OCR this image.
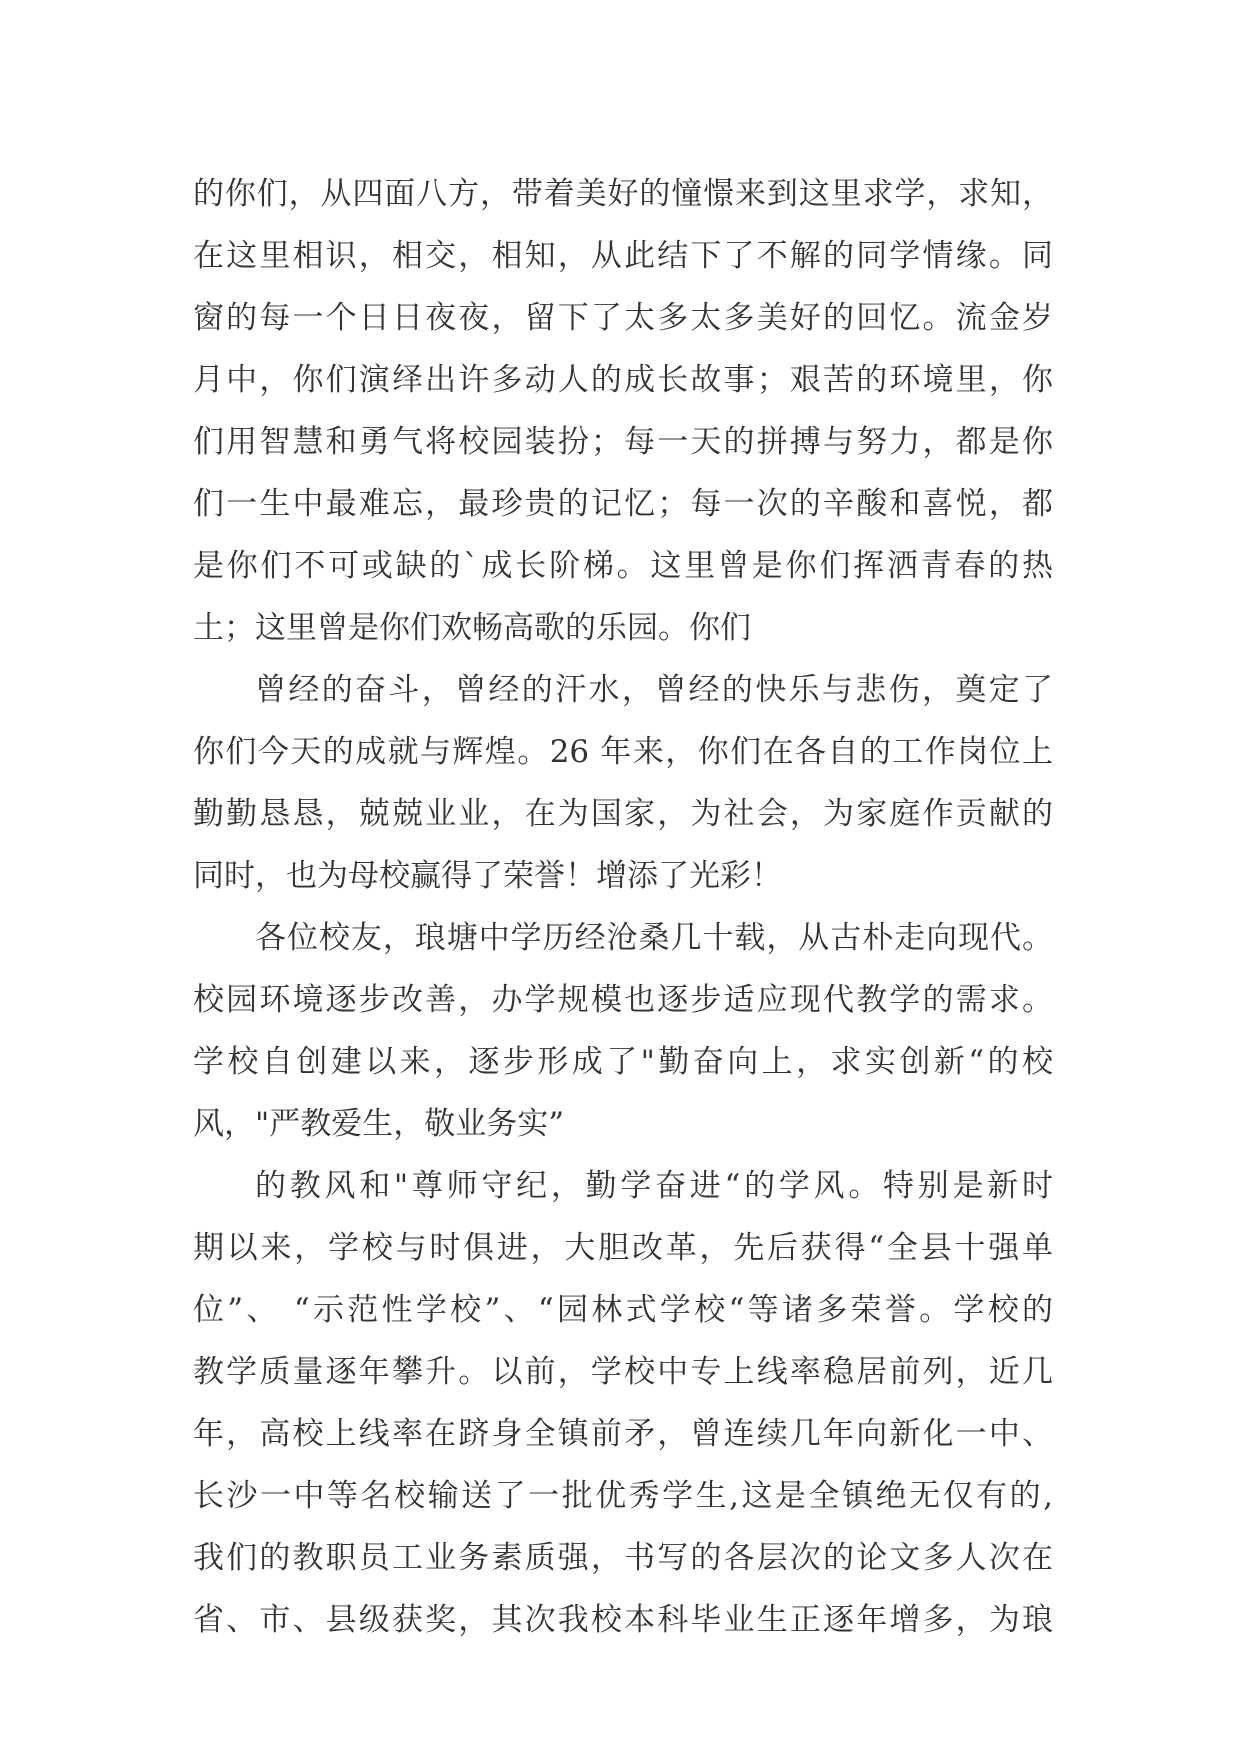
的你们，从四面八方，带着美好的憧憬来到这里求学，求知，
在这里相识，相交，相知，从此结下了不解的同学情缘。同
窗的每一个日日夜夜，留下了太多太多美好的回忆。流金岁
月中，你们演绎出许多动人的成长故事；艰苦的环境里，你
们用智慧和勇气将校园装扮；每一天的拼搏与努力，都是你
们一生中最难忘，最珍贵的记忆；每一次的辛酸和喜悦，都
是你们不可或缺的`成长阶梯。这里曾是你们挥洒青春的热
土；这里曾是你们欢畅高歌的乐园。你们
曾经的奋斗，曾经的汗水，曾经的快乐与悲伤，奠定了
你们今天的成就与辉煌。26 年来，你们在各自的工作岗位上
勤勤恳恳，兢兢业业，在为国家，为社会，为家庭作贡献的
同时，也为母校赢得了荣誉！增添了光彩！
各位校友，琅塘中学历经沧桑几十载，从古朴走向现代。
校园环境逐步改善，办学规模也逐步适应现代教学的需求。
学校自创建以来，逐步形成了"勤奋向上，求实创新“的校
风，"严教爱生，敬业务实”
的教风和"尊师守纪，勤学奋进“的学风。特别是新时
期以来，学校与时俱进，大胆改革，先后获得“全县十强单
位”、 “示范性学校”、“园林式学校“等诸多荣誉。学校的
教学质量逐年攀升。以前，学校中专上线率稳居前列，近几
年，高校上线率在跻身全镇前矛，曾连续几年向新化一中、
长沙一中等名校输送了一批优秀学生,这是全镇绝无仅有的,
我们的教职员工业务素质强，书写的各层次的论文多人次在
省、市、县级获奖，其次我校本科毕业生正逐年增多，为琅
